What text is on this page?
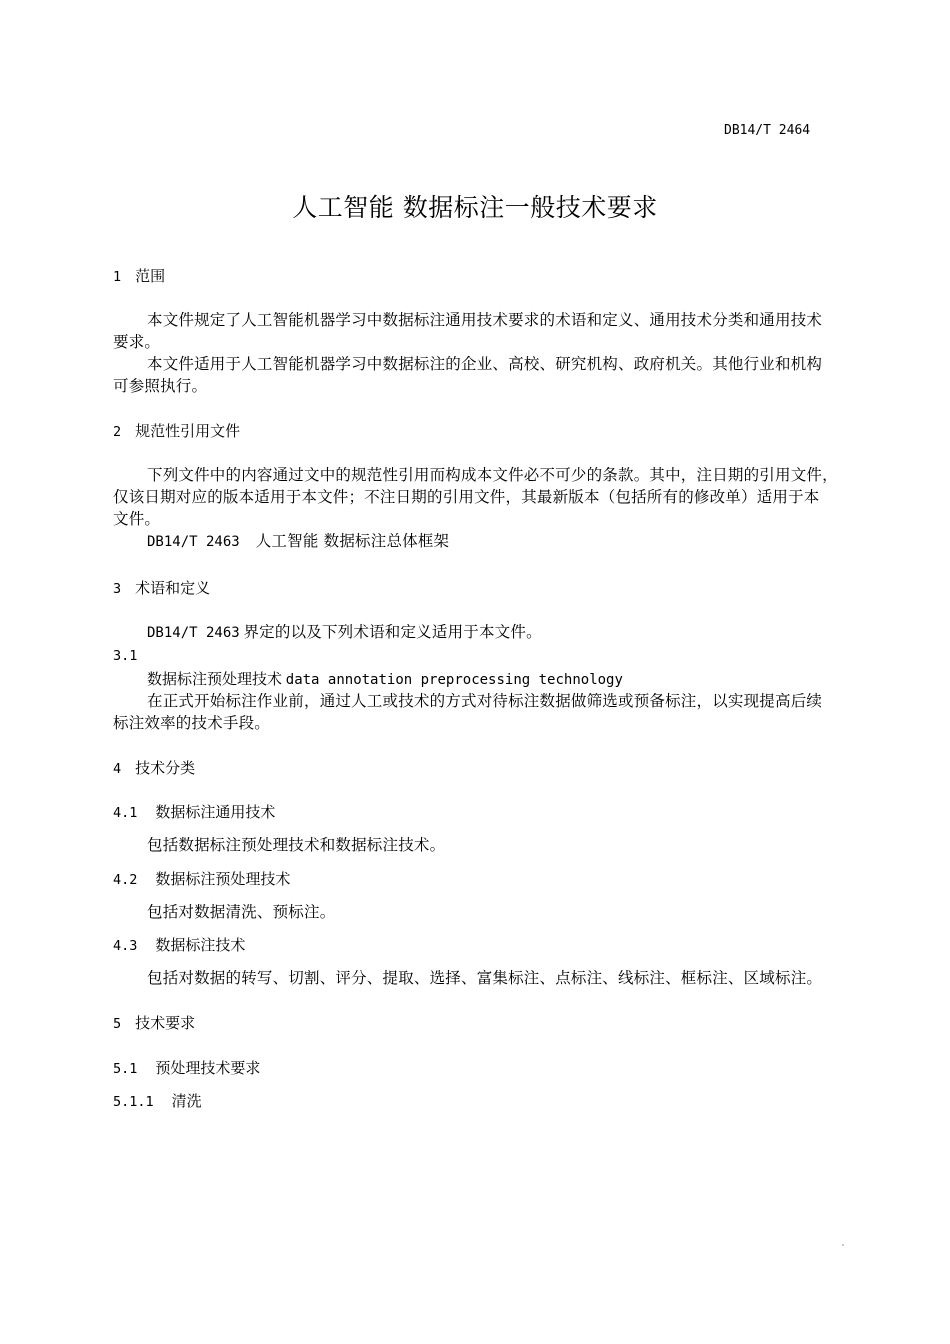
DB14/T 2464
人工智能 数据标注一般技术要求
1 范围
本文件规定了人工智能机器学习中数据标注通用技术要求的术语和定义、通用技术分类和通用技术
要求。
本文件适用于人工智能机器学习中数据标注的企业、高校、研究机构、政府机关。其他行业和机构
可参照执行。
2 规范性引用文件
下列文件中的内容通过文中的规范性引用而构成本文件必不可少的条款。其中，注日期的引用文件，
仅该日期对应的版本适用于本文件；不注日期的引用文件，其最新版本（包括所有的修改单）适用于本
文件。
DB14/T 2463 人工智能 数据标注总体框架
3 术语和定义
DB14/T 2463 界定的以及下列术语和定义适用于本文件。
3.1
数据标注预处理技术 data annotation preprocessing technology
在正式开始标注作业前，通过人工或技术的方式对待标注数据做筛选或预备标注，以实现提高后续
标注效率的技术手段。
4 技术分类
4.1 数据标注通用技术
包括数据标注预处理技术和数据标注技术。
4.2 数据标注预处理技术
包括对数据清洗、预标注。
4.3 数据标注技术
包括对数据的转写、切割、评分、提取、选择、富集标注、点标注、线标注、框标注、区域标注。
5 技术要求
5.1 预处理技术要求
5.1.1 清洗
